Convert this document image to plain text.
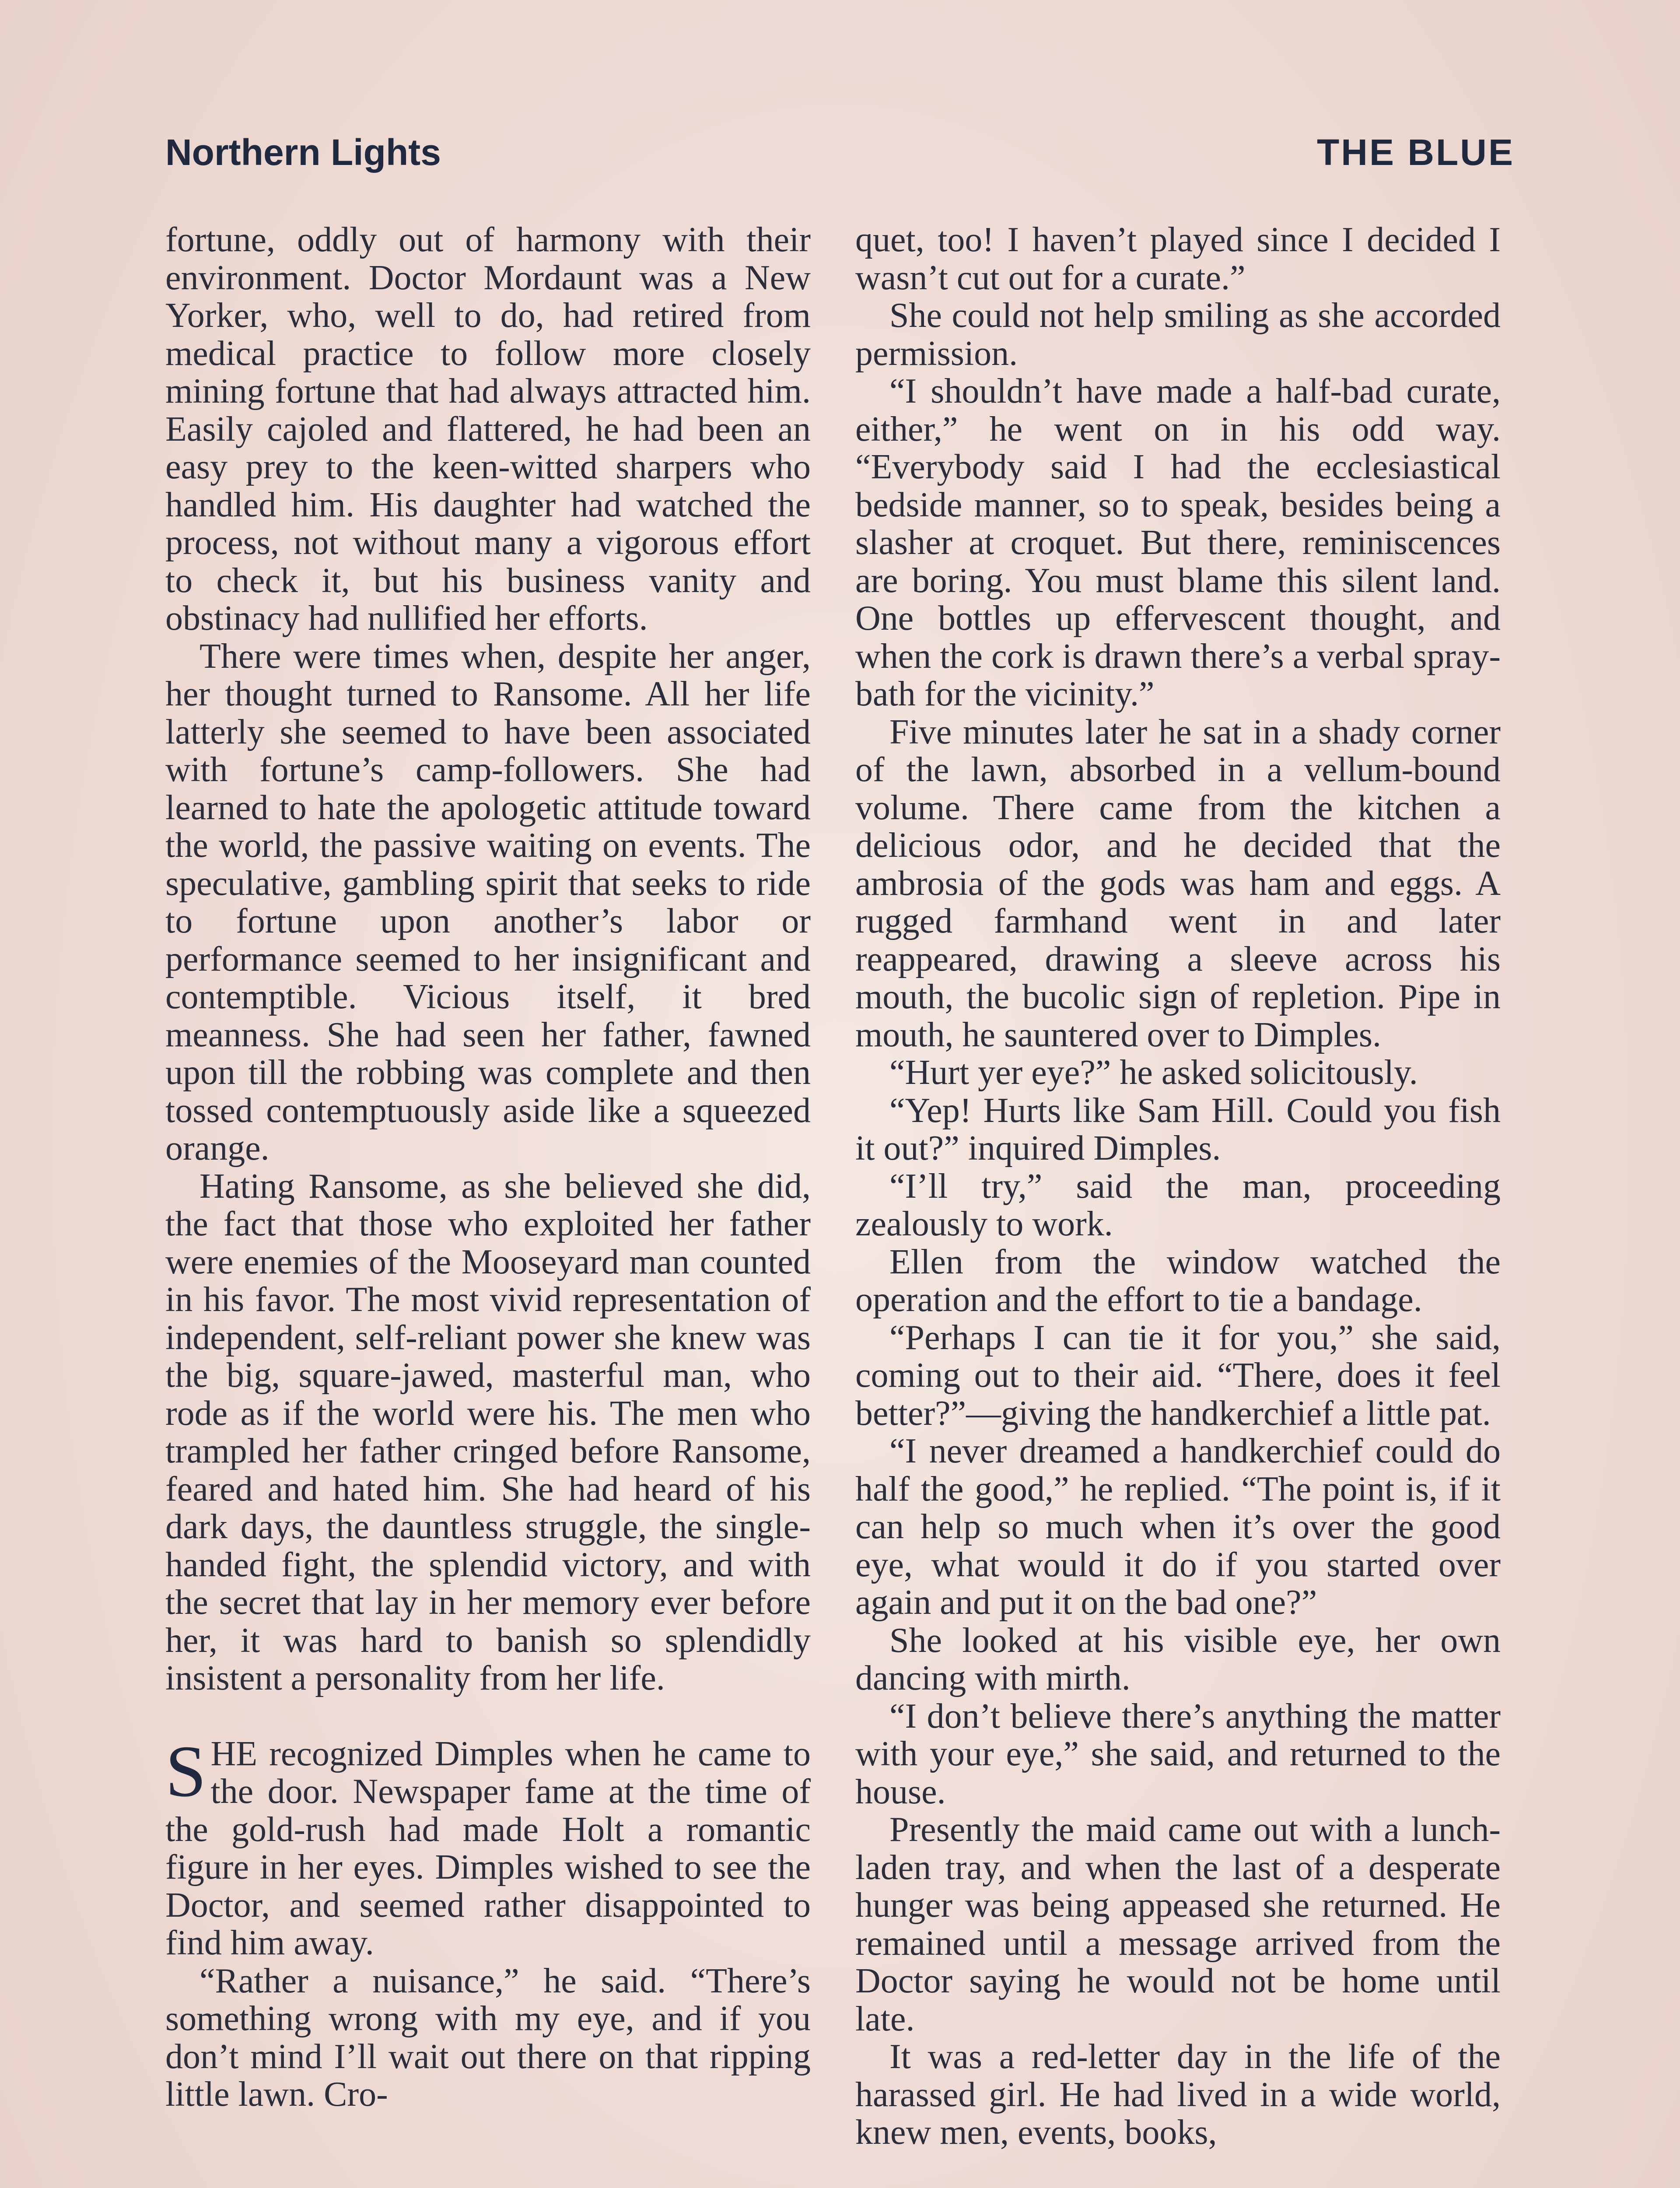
Northern Lights	THE BLUE

fortune, oddly out of harmony with their environment. Doctor Mordaunt was a New Yorker, who, well to do, had retired from medical practice to follow more closely mining fortune that had always attracted him. Easily cajoled and flattered, he had been an easy prey to the keen-witted sharpers who handled him. His daughter had watched the process, not without many a vigorous effort to check it, but his business vanity and obstinacy had nullified her efforts.

There were times when, despite her anger, her thought turned to Ransome. All her life latterly she seemed to have been associated with fortune’s camp-followers. She had learned to hate the apologetic attitude toward the world, the passive waiting on events. The speculative, gambling spirit that seeks to ride to fortune upon another’s labor or performance seemed to her insignificant and contemptible. Vicious itself, it bred meanness. She had seen her father, fawned upon till the robbing was complete and then tossed contemptuously aside like a squeezed orange.

Hating Ransome, as she believed she did, the fact that those who exploited her father were enemies of the Mooseyard man counted in his favor. The most vivid representation of independent, self-reliant power she knew was the big, square-jawed, masterful man, who rode as if the world were his. The men who trampled her father cringed before Ransome, feared and hated him. She had heard of his dark days, the dauntless struggle, the single-handed fight, the splendid victory, and with the secret that lay in her memory ever before her, it was hard to banish so splendidly insistent a personality from her life.

SHE recognized Dimples when he came to the door. Newspaper fame at the time of the gold-rush had made Holt a romantic figure in her eyes. Dimples wished to see the Doctor, and seemed rather disappointed to find him away.

“Rather a nuisance,” he said. “There’s something wrong with my eye, and if you don’t mind I’ll wait out there on that ripping little lawn. Cro-

quet, too! I haven’t played since I decided I wasn’t cut out for a curate.”

She could not help smiling as she accorded permission.

“I shouldn’t have made a half-bad curate, either,” he went on in his odd way. “Everybody said I had the ecclesiastical bedside manner, so to speak, besides being a slasher at croquet. But there, reminiscences are boring. You must blame this silent land. One bottles up effervescent thought, and when the cork is drawn there’s a verbal spray-bath for the vicinity.”

Five minutes later he sat in a shady corner of the lawn, absorbed in a vellum-bound volume. There came from the kitchen a delicious odor, and he decided that the ambrosia of the gods was ham and eggs. A rugged farmhand went in and later reappeared, drawing a sleeve across his mouth, the bucolic sign of repletion. Pipe in mouth, he sauntered over to Dimples.

“Hurt yer eye?” he asked solicitously.

“Yep! Hurts like Sam Hill. Could you fish it out?” inquired Dimples.

“I’ll try,” said the man, proceeding zealously to work.

Ellen from the window watched the operation and the effort to tie a bandage.

“Perhaps I can tie it for you,” she said, coming out to their aid. “There, does it feel better?”—giving the handkerchief a little pat.

“I never dreamed a handkerchief could do half the good,” he replied. “The point is, if it can help so much when it’s over the good eye, what would it do if you started over again and put it on the bad one?”

She looked at his visible eye, her own dancing with mirth.

“I don’t believe there’s anything the matter with your eye,” she said, and returned to the house.

Presently the maid came out with a lunch-laden tray, and when the last of a desperate hunger was being appeased she returned. He remained until a message arrived from the Doctor saying he would not be home until late.

It was a red-letter day in the life of the harassed girl. He had lived in a wide world, knew men, events, books,
